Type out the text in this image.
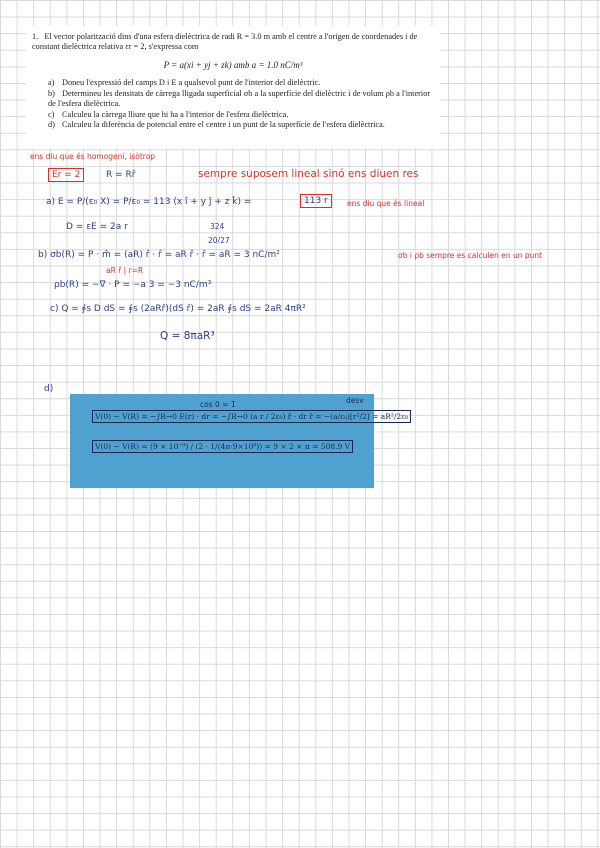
1. El vector polarització dins d'una esfera dielèctrica de radi R = 3.0 m amb el centre a l'origen de coordenades i de constant dielèctrica relativa εr = 2, s'expressa com
P = a(xi + yj + zk) amb a = 1.0 nC/m³
a) Doneu l'expressió del camps D i E a qualsevol punt de l'interior del dielèctric.
b) Determineu les densitats de càrrega lligada superficial σb a la superfície del dielèctric i de volum ρb a l'interior de l'esfera dielèctrica.
c) Calculeu la càrrega lliure que hi ha a l'interior de l'esfera dielèctrica.
d) Calculeu la diferència de potencial entre el centre i un punt de la superfície de l'esfera dielèctrica.
ens diu que és homogeni, isòtrop
Er = 2	R = Rr̂	sempre suposem lineal sinó ens diuen res
a) E = P/(ε₀ X) = P/ε₀ = 113 (x î + y ĵ + z k̂) =	113 r	ens diu que és lineal
D = εE = 2a r	324
20/27
b) σb(R) = P · m̂ = (aR) r̂ · r̂ = aR r̂ · r̂ = aR = 3 nC/m²
aR r̂ | r=R
σb i ρb sempre es calculen en un punt
ρb(R) = −∇ · P = −a 3 = −3 nC/m³
c) Q = ∮s D dS = ∮s (2aRr̂)(dS r̂) = 2aR ∮s dS = 2aR 4πR²
Q = 8πaR³
d)
cos 0 = 1	desv
V(0) − V(R) = −∫R→0 E(r) · dr = −∫R→0 (a r / 2ε₀) r̂ · dr r̂ = −(a/ε₀)[r²/2] = aR²/2ε₀
V(0) − V(R) = (9 × 10⁻⁹) / (2 · 1/(4π·9×10⁹)) = 9 × 2 × π = 508.9 V
